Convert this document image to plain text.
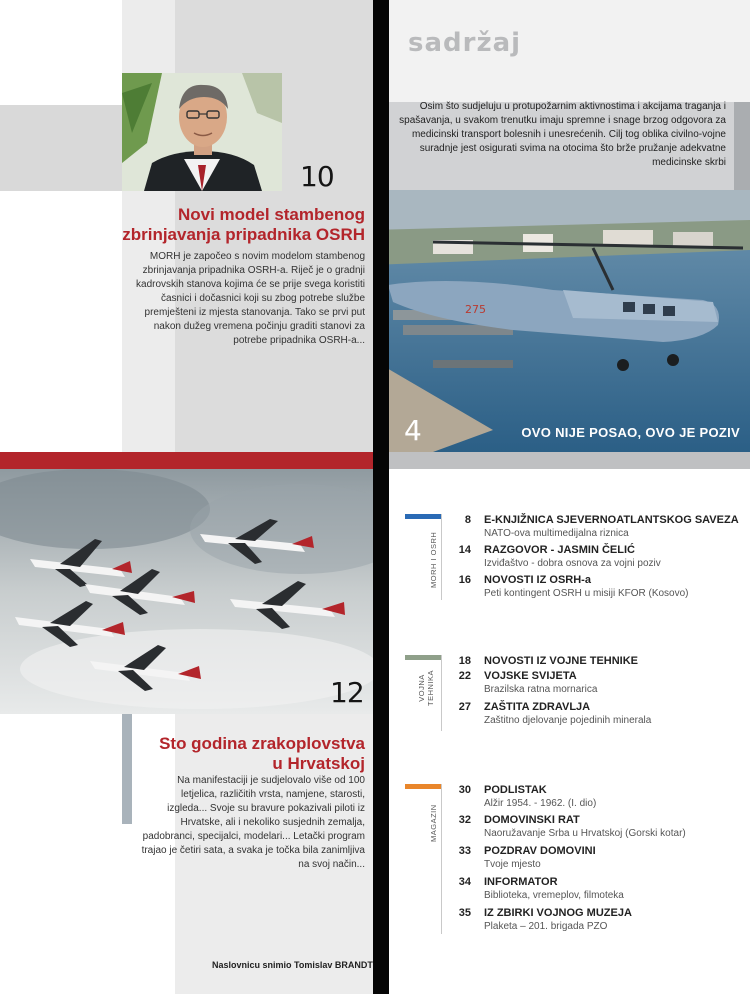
sadržaj
Osim što sudjeluju u protupožarnim aktivnostima i akcijama traganja i spašavanja, u svakom trenutku imaju spremne i snage brzog odgovora za medicinski transport bolesnih i unesrećenih. Cilj tog oblika civilno-vojne suradnje jest osigurati svima na otocima što brže pružanje adekvatne medicinske skrbi
10
Novi model stambenog
zbrinjavanja pripadnika OSRH
MORH je započeo s novim modelom stambenog zbrinjavanja pripadnika OSRH-a. Riječ je o gradnji kadrovskih stanova kojima će se prije svega koristiti časnici i dočasnici koji su zbog potrebe službe premješteni iz mjesta stanovanja. Tako se prvi put nakon dužeg vremena počinju graditi stanovi za potrebe pripadnika OSRH-a...
275
4	OVO NIJE POSAO, OVO JE POZIV
12
Sto godina zrakoplovstva
u Hrvatskoj
Na manifestaciji je sudjelovalo više od 100 letjelica, različitih vrsta, namjene, starosti, izgleda... Svoje su bravure pokazivali piloti iz Hrvatske, ali i nekoliko susjednih zemalja, padobranci, specijalci, modelari... Letački program trajao je četiri sata, a svaka je točka bila zanimljiva na svoj način...
MORH I OSRH
8 E-KNJIŽNICA SJEVERNOATLANTSKOG SAVEZA
NATO-ova multimedijalna riznica
14 RAZGOVOR - JASMIN ČELIĆ
Izviđaštvo - dobra osnova za vojni poziv
16 NOVOSTI IZ OSRH-a
Peti kontingent OSRH u misiji KFOR (Kosovo)
VOJNA TEHNIKA
18 NOVOSTI IZ VOJNE TEHNIKE
22 VOJSKE SVIJETA
Brazilska ratna mornarica
27 ZAŠTITA ZDRAVLJA
Zaštitno djelovanje pojedinih minerala
MAGAZIN
30 PODLISTAK
Alžir 1954. - 1962. (I. dio)
32 DOMOVINSKI RAT
Naoružavanje Srba u Hrvatskoj (Gorski kotar)
33 POZDRAV DOMOVINI
Tvoje mjesto
34 INFORMATOR
Biblioteka, vremeplov, filmoteka
35 IZ ZBIRKI VOJNOG MUZEJA
Plaketa – 201. brigada PZO
Naslovnicu snimio Tomislav BRANDT
